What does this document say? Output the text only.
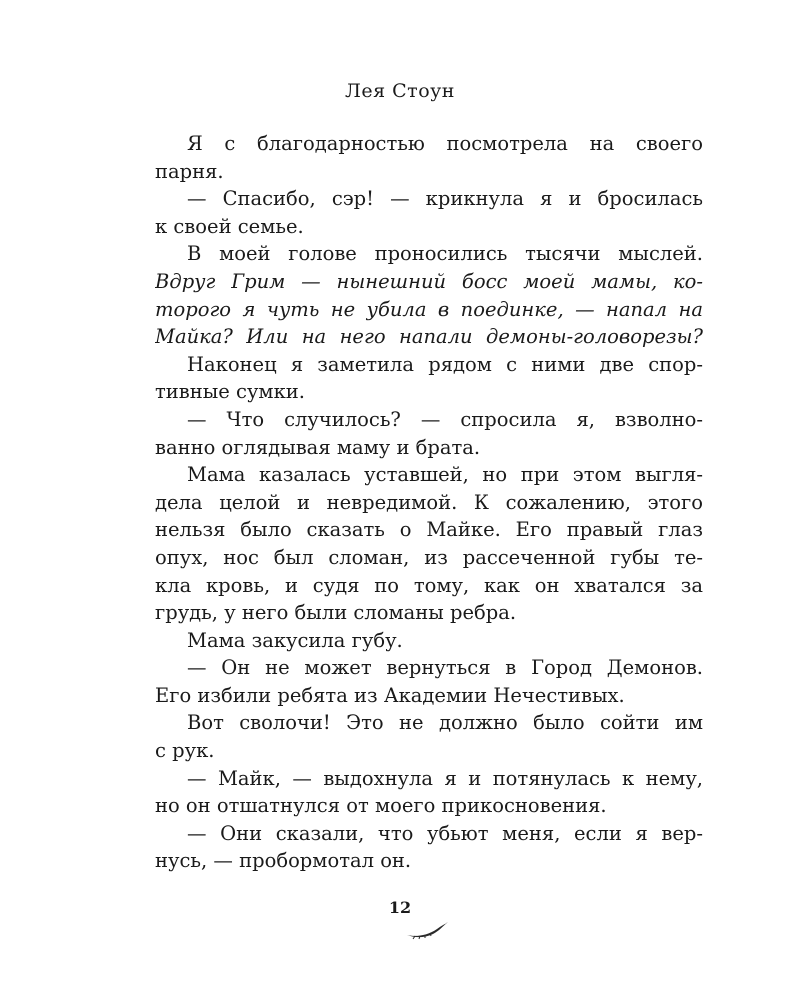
Лея Стоун
Я с благодарностью посмотрела на своего
парня.
— Спасибо, сэр! — крикнула я и бросилась
к своей семье.
В моей голове проносились тысячи мыслей.
Вдруг Грим — нынешний босс моей мамы, ко-
торого я чуть не убила в поединке, — напал на
Майка? Или на него напали демоны-головорезы?
Наконец я заметила рядом с ними две спор-
тивные сумки.
— Что случилось? — спросила я, взволно-
ванно оглядывая маму и брата.
Мама казалась уставшей, но при этом выгля-
дела целой и невредимой. К сожалению, этого
нельзя было сказать о Майке. Его правый глаз
опух, нос был сломан, из рассеченной губы те-
кла кровь, и судя по тому, как он хватался за
грудь, у него были сломаны ребра.
Мама закусила губу.
— Он не может вернуться в Город Демонов.
Его избили ребята из Академии Нечестивых.
Вот сволочи! Это не должно было сойти им
с рук.
— Майк, — выдохнула я и потянулась к нему,
но он отшатнулся от моего прикосновения.
— Они сказали, что убьют меня, если я вер-
нусь, — пробормотал он.
12
